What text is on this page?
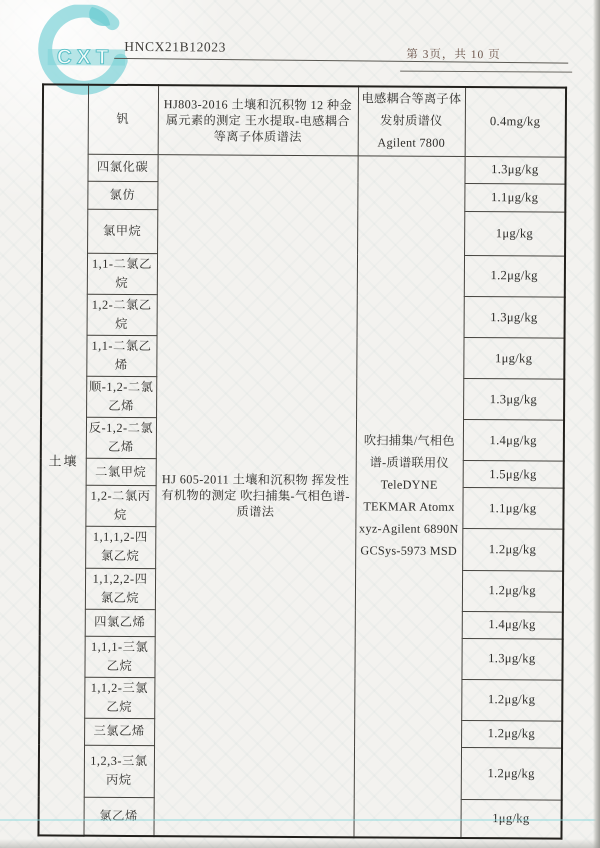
CXT HNCX21B12023
第 3页，共 10 页
土壤	钒	HJ803-2016 土壤和沉积物 12 种金属元素的测定 王水提取-电感耦合等离子体质谱法	电感耦合等离子体发射质谱仪 Agilent 7800	0.4mg/kg
	四氯化碳	HJ 605-2011 土壤和沉积物 挥发性有机物的测定 吹扫捕集-气相色谱-质谱法	吹扫捕集/气相色谱-质谱联用仪 TeleDYNE TEKMAR Atomx xyz-Agilent 6890N GCSys-5973 MSD	1.3μg/kg
	氯仿			1.1μg/kg
	氯甲烷			1μg/kg
	1,1-二氯乙烷			1.2μg/kg
	1,2-二氯乙烷			1.3μg/kg
	1,1-二氯乙烯			1μg/kg
	顺-1,2-二氯乙烯			1.3μg/kg
	反-1,2-二氯乙烯			1.4μg/kg
	二氯甲烷			1.5μg/kg
	1,2-二氯丙烷			1.1μg/kg
	1,1,1,2-四氯乙烷			1.2μg/kg
	1,1,2,2-四氯乙烷			1.2μg/kg
	四氯乙烯			1.4μg/kg
	1,1,1-三氯乙烷			1.3μg/kg
	1,1,2-三氯乙烷			1.2μg/kg
	三氯乙烯			1.2μg/kg
	1,2,3-三氯丙烷			1.2μg/kg
	氯乙烯			1μg/kg
